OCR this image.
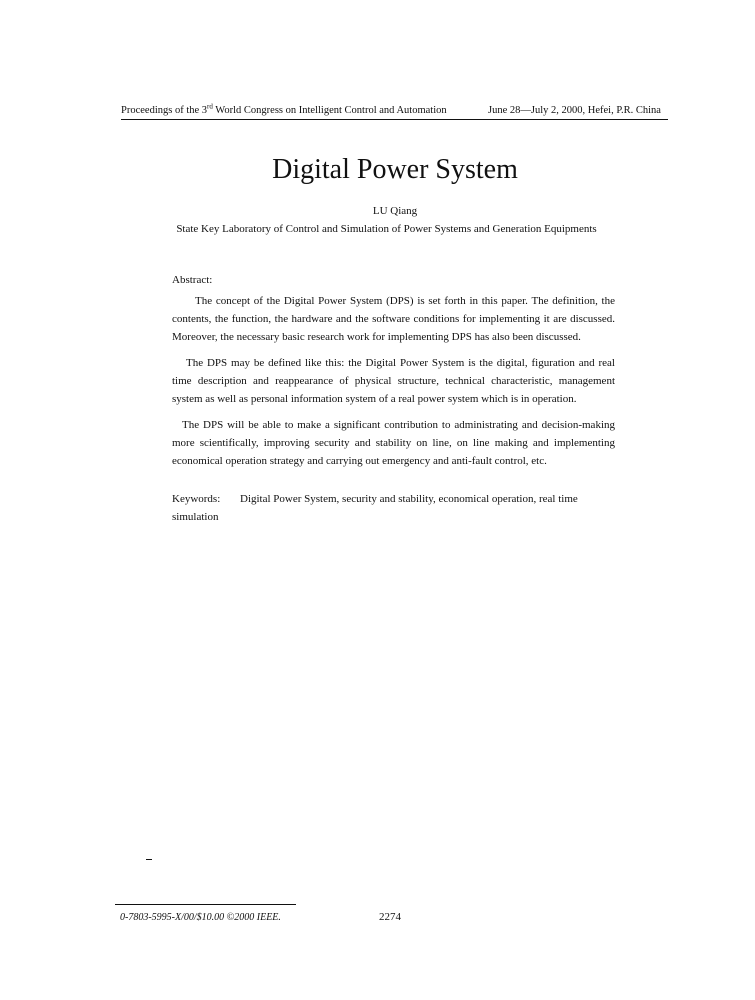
Proceedings of the 3rd World Congress on Intelligent Control and Automation	June 28—July 2, 2000, Hefei, P.R. China
Digital Power System
LU Qiang
State Key Laboratory of Control and Simulation of Power Systems and Generation Equipments
Abstract:
The concept of the Digital Power System (DPS) is set forth in this paper. The definition, the contents, the function, the hardware and the software conditions for implementing it are discussed. Moreover, the necessary basic research work for implementing DPS has also been discussed.
The DPS may be defined like this: the Digital Power System is the digital, figuration and real time description and reappearance of physical structure, technical characteristic, management system as well as personal information system of a real power system which is in operation.
The DPS will be able to make a significant contribution to administrating and decision-making more scientifically, improving security and stability on line, on line making and implementing economical operation strategy and carrying out emergency and anti-fault control, etc.
Keywords: Digital Power System, security and stability, economical operation, real time simulation
0-7803-5995-X/00/$10.00 ©2000 IEEE.	2274
